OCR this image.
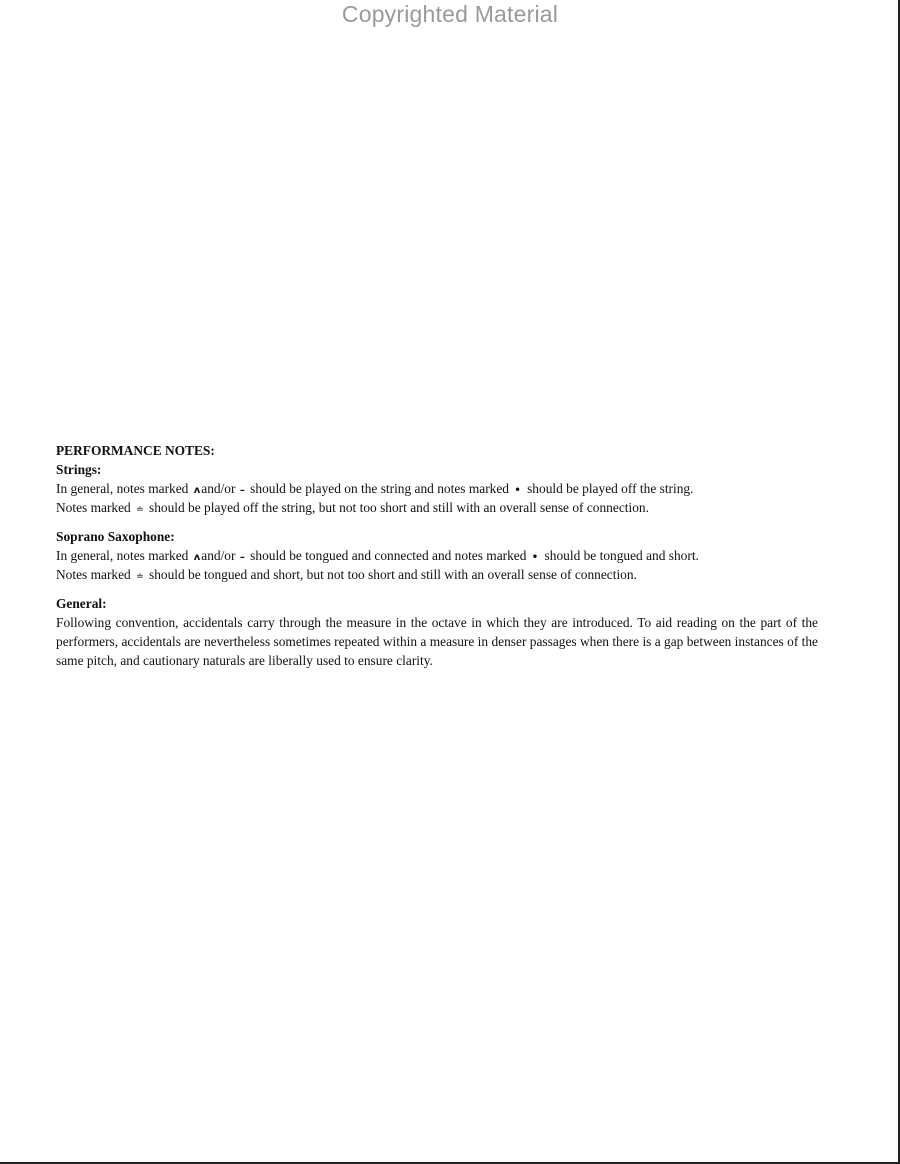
Copyrighted Material

PERFORMANCE NOTES:

Strings:

In general, notes marked ʌand/or – should be played on the string and notes marked • should be played off the string.
Notes marked ≐ should be played off the string, but not too short and still with an overall sense of connection.

Soprano Saxophone:

In general, notes marked ʌand/or – should be tongued and connected and notes marked • should be tongued and short.
Notes marked ≐ should be tongued and short, but not too short and still with an overall sense of connection.

General:

Following convention, accidentals carry through the measure in the octave in which they are introduced. To aid reading on the part of the performers, accidentals are nevertheless sometimes repeated within a measure in denser passages when there is a gap between instances of the same pitch, and cautionary naturals are liberally used to ensure clarity.
